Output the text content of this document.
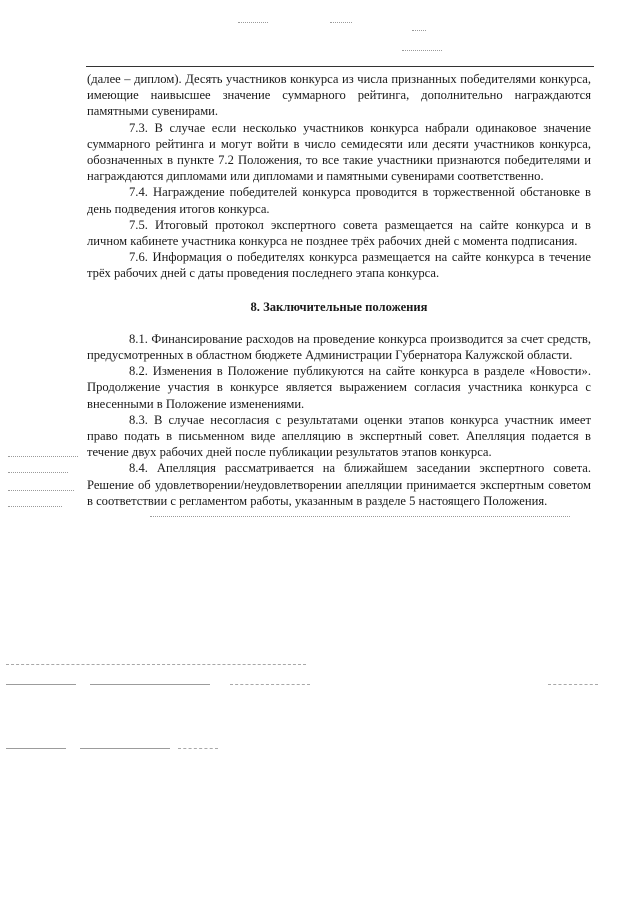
(далее – диплом). Десять участников конкурса из числа признанных победителями конкурса, имеющие наивысшее значение суммарного рейтинга, дополнительно награждаются памятными сувенирами.

7.3. В случае если несколько участников конкурса набрали одинаковое значение суммарного рейтинга и могут войти в число семидесяти или десяти участников конкурса, обозначенных в пункте 7.2 Положения, то все такие участники признаются победителями и награждаются дипломами или дипломами и памятными сувенирами соответственно.

7.4. Награждение победителей конкурса проводится в торжественной обстановке в день подведения итогов конкурса.

7.5. Итоговый протокол экспертного совета размещается на сайте конкурса и в личном кабинете участника конкурса не позднее трёх рабочих дней с момента подписания.

7.6. Информация о победителях конкурса размещается на сайте конкурса в течение трёх рабочих дней с даты проведения последнего этапа конкурса.

8. Заключительные положения

8.1. Финансирование расходов на проведение конкурса производится за счет средств, предусмотренных в областном бюджете Администрации Губернатора Калужской области.

8.2. Изменения в Положение публикуются на сайте конкурса в разделе «Новости». Продолжение участия в конкурсе является выражением согласия участника конкурса с внесенными в Положение изменениями.

8.3. В случае несогласия с результатами оценки этапов конкурса участник имеет право подать в письменном виде апелляцию в экспертный совет. Апелляция подается в течение двух рабочих дней после публикации результатов этапов конкурса.

8.4. Апелляция рассматривается на ближайшем заседании экспертного совета. Решение об удовлетворении/неудовлетворении апелляции принимается экспертным советом в соответствии с регламентом работы, указанным в разделе 5 настоящего Положения.
